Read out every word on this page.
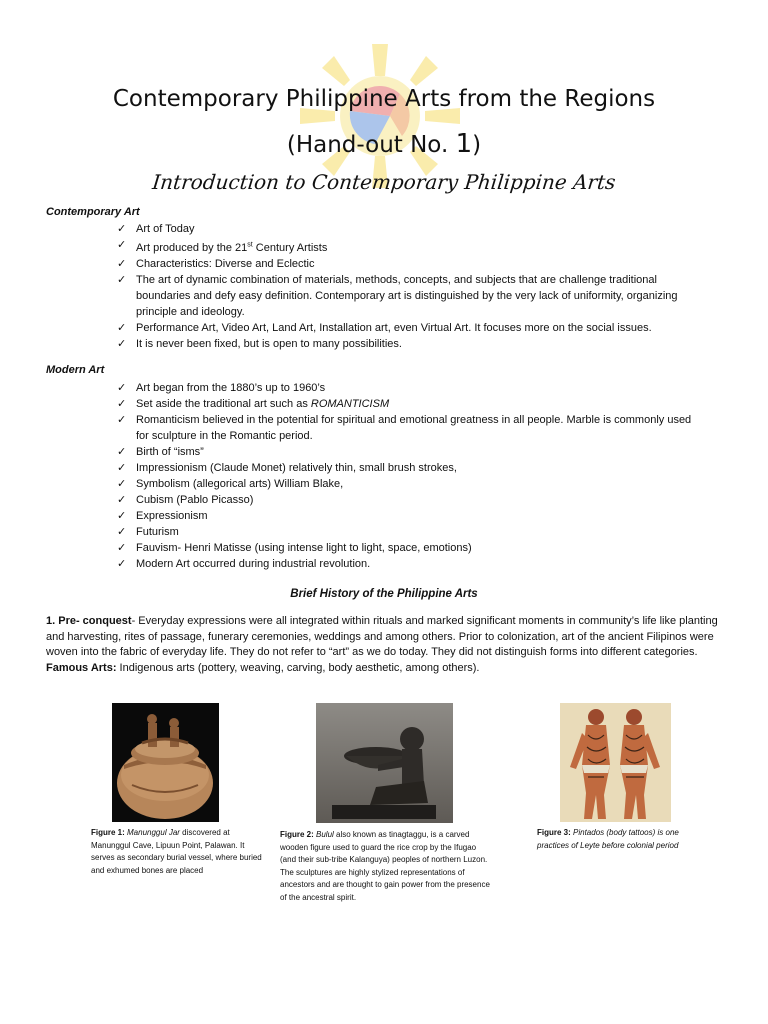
Contemporary Philippine Arts from the Regions
(Hand-out No. 1)
Introduction to Contemporary Philippine Arts
Contemporary Art
✓ Art of Today
✓ Art produced by the 21st Century Artists
✓ Characteristics: Diverse and Eclectic
✓ The art of dynamic combination of materials, methods, concepts, and subjects that are challenge traditional boundaries and defy easy definition. Contemporary art is distinguished by the very lack of uniformity, organizing principle and ideology.
✓ Performance Art, Video Art, Land Art, Installation art, even Virtual Art. It focuses more on the social issues.
✓ It is never been fixed, but is open to many possibilities.
Modern Art
✓ Art began from the 1880’s up to 1960’s
✓ Set aside the traditional art such as ROMANTICISM
✓ Romanticism believed in the potential for spiritual and emotional greatness in all people. Marble is commonly used for sculpture in the Romantic period.
✓ Birth of “isms”
✓ Impressionism (Claude Monet) relatively thin, small brush strokes,
✓ Symbolism (allegorical arts) William Blake,
✓ Cubism (Pablo Picasso)
✓ Expressionism
✓ Futurism
✓ Fauvism- Henri Matisse (using intense light to light, space, emotions)
✓ Modern Art occurred during industrial revolution.
Brief History of the Philippine Arts
1. Pre- conquest- Everyday expressions were all integrated within rituals and marked significant moments in community’s life like planting and harvesting, rites of passage, funerary ceremonies, weddings and among others. Prior to colonization, art of the ancient Filipinos were woven into the fabric of everyday life. They do not refer to “art” as we do today. They did not distinguish forms into different categories.
Famous Arts: Indigenous arts (pottery, weaving, carving, body aesthetic, among others).
Figure 1: Manunggul Jar discovered at Manunggul Cave, Lipuun Point, Palawan. It serves as secondary burial vessel, where buried and exhumed bones are placed
Figure 2: Bulul also known as tinagtaggu, is a carved wooden figure used to guard the rice crop by the Ifugao (and their sub-tribe Kalanguya) peoples of northern Luzon. The sculptures are highly stylized representations of ancestors and are thought to gain power from the presence of the ancestral spirit.
Figure 3: Pintados (body tattoos) is one practices of Leyte before colonial period
